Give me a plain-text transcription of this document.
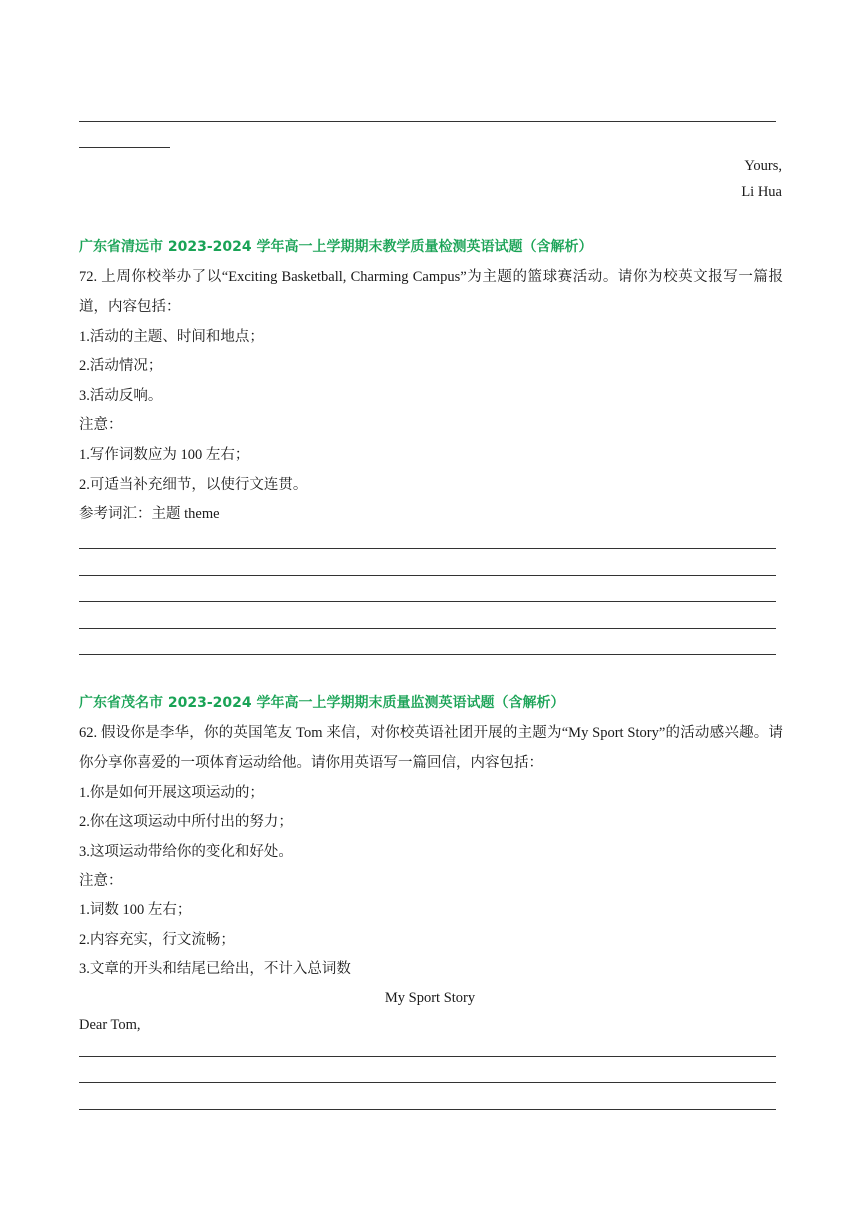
Yours,
Li Hua
广东省清远市 2023-2024 学年高一上学期期末教学质量检测英语试题（含解析）
72. 上周你校举办了以“Exciting Basketball, Charming Campus”为主题的篮球赛活动。请你为校英文报写一篇报道，内容包括：
1.活动的主题、时间和地点；
2.活动情况；
3.活动反响。
注意：
1.写作词数应为 100 左右；
2.可适当补充细节，以使行文连贯。
参考词汇：主题 theme
广东省茂名市 2023-2024 学年高一上学期期末质量监测英语试题（含解析）
62. 假设你是李华，你的英国笔友 Tom 来信，对你校英语社团开展的主题为“My Sport Story”的活动感兴趣。请你分享你喜爱的一项体育运动给他。请你用英语写一篇回信，内容包括：
1.你是如何开展这项运动的；
2.你在这项运动中所付出的努力；
3.这项运动带给你的变化和好处。
注意：
1.词数 100 左右；
2.内容充实，行文流畅；
3.文章的开头和结尾已给出，不计入总词数
My Sport Story
Dear Tom,
